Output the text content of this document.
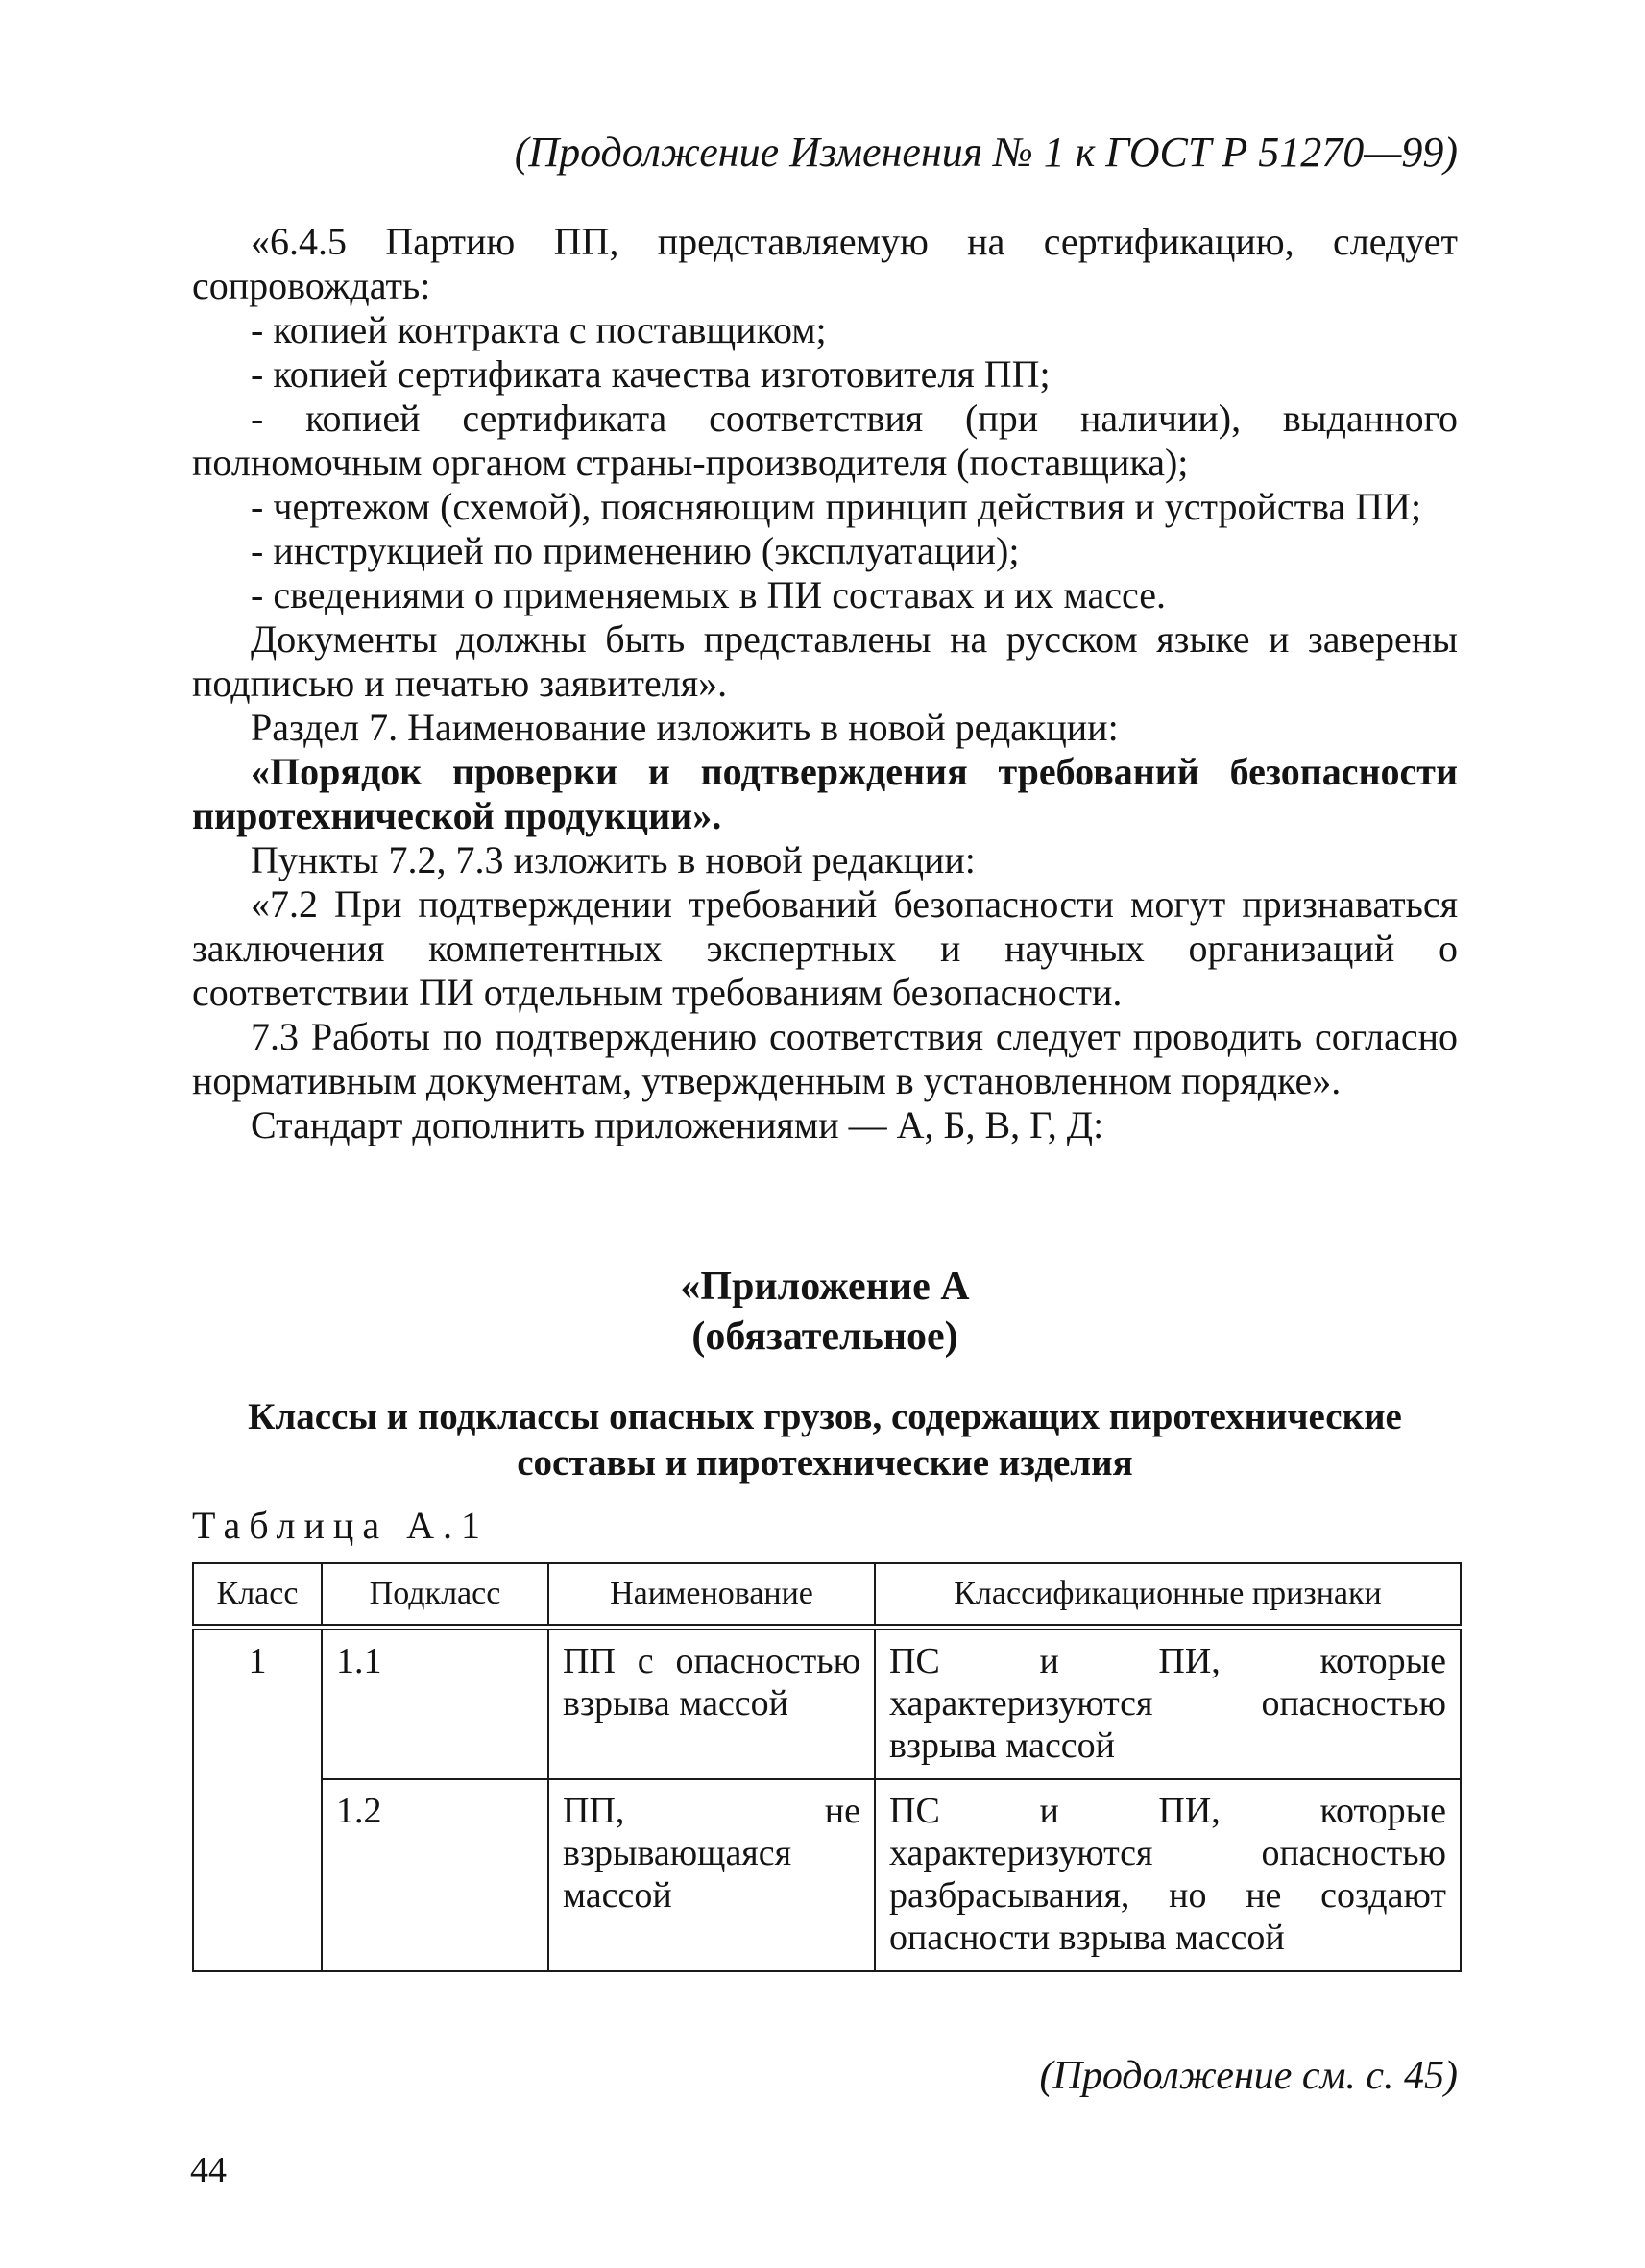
(Продолжение Изменения № 1 к ГОСТ Р 51270—99)

«6.4.5 Партию ПП, представляемую на сертификацию, следует сопровождать:

- копией контракта с поставщиком;

- копией сертификата качества изготовителя ПП;

- копией сертификата соответствия (при наличии), выданного полномочным органом страны-производителя (поставщика);

- чертежом (схемой), поясняющим принцип действия и устройства ПИ;

- инструкцией по применению (эксплуатации);

- сведениями о применяемых в ПИ составах и их массе.

Документы должны быть представлены на русском языке и заверены подписью и печатью заявителя».

Раздел 7. Наименование изложить в новой редакции:

«Порядок проверки и подтверждения требований безопасности пиротехнической продукции».

Пункты 7.2, 7.3 изложить в новой редакции:

«7.2 При подтверждении требований безопасности могут признаваться заключения компетентных экспертных и научных организаций о соответствии ПИ отдельным требованиям безопасности.

7.3 Работы по подтверждению соответствия следует проводить согласно нормативным документам, утвержденным в установленном порядке».

Стандарт дополнить приложениями — А, Б, В, Г, Д:

«Приложение А
(обязательное)
Классы и подклассы опасных грузов, содержащих пиротехнические
составы и пиротехнические изделия
Таблица А.1
Класс	Подкласс	Наименование	Классификационные признаки
1	1.1	ПП с опасностью взрыва массой	ПС и ПИ, которые характеризуются опасностью взрыва массой
	1.2	ПП, не взрывающаяся массой	ПС и ПИ, которые характеризуются опасностью разбрасывания, но не создают опасности взрыва массой
(Продолжение см. с. 45)
44
